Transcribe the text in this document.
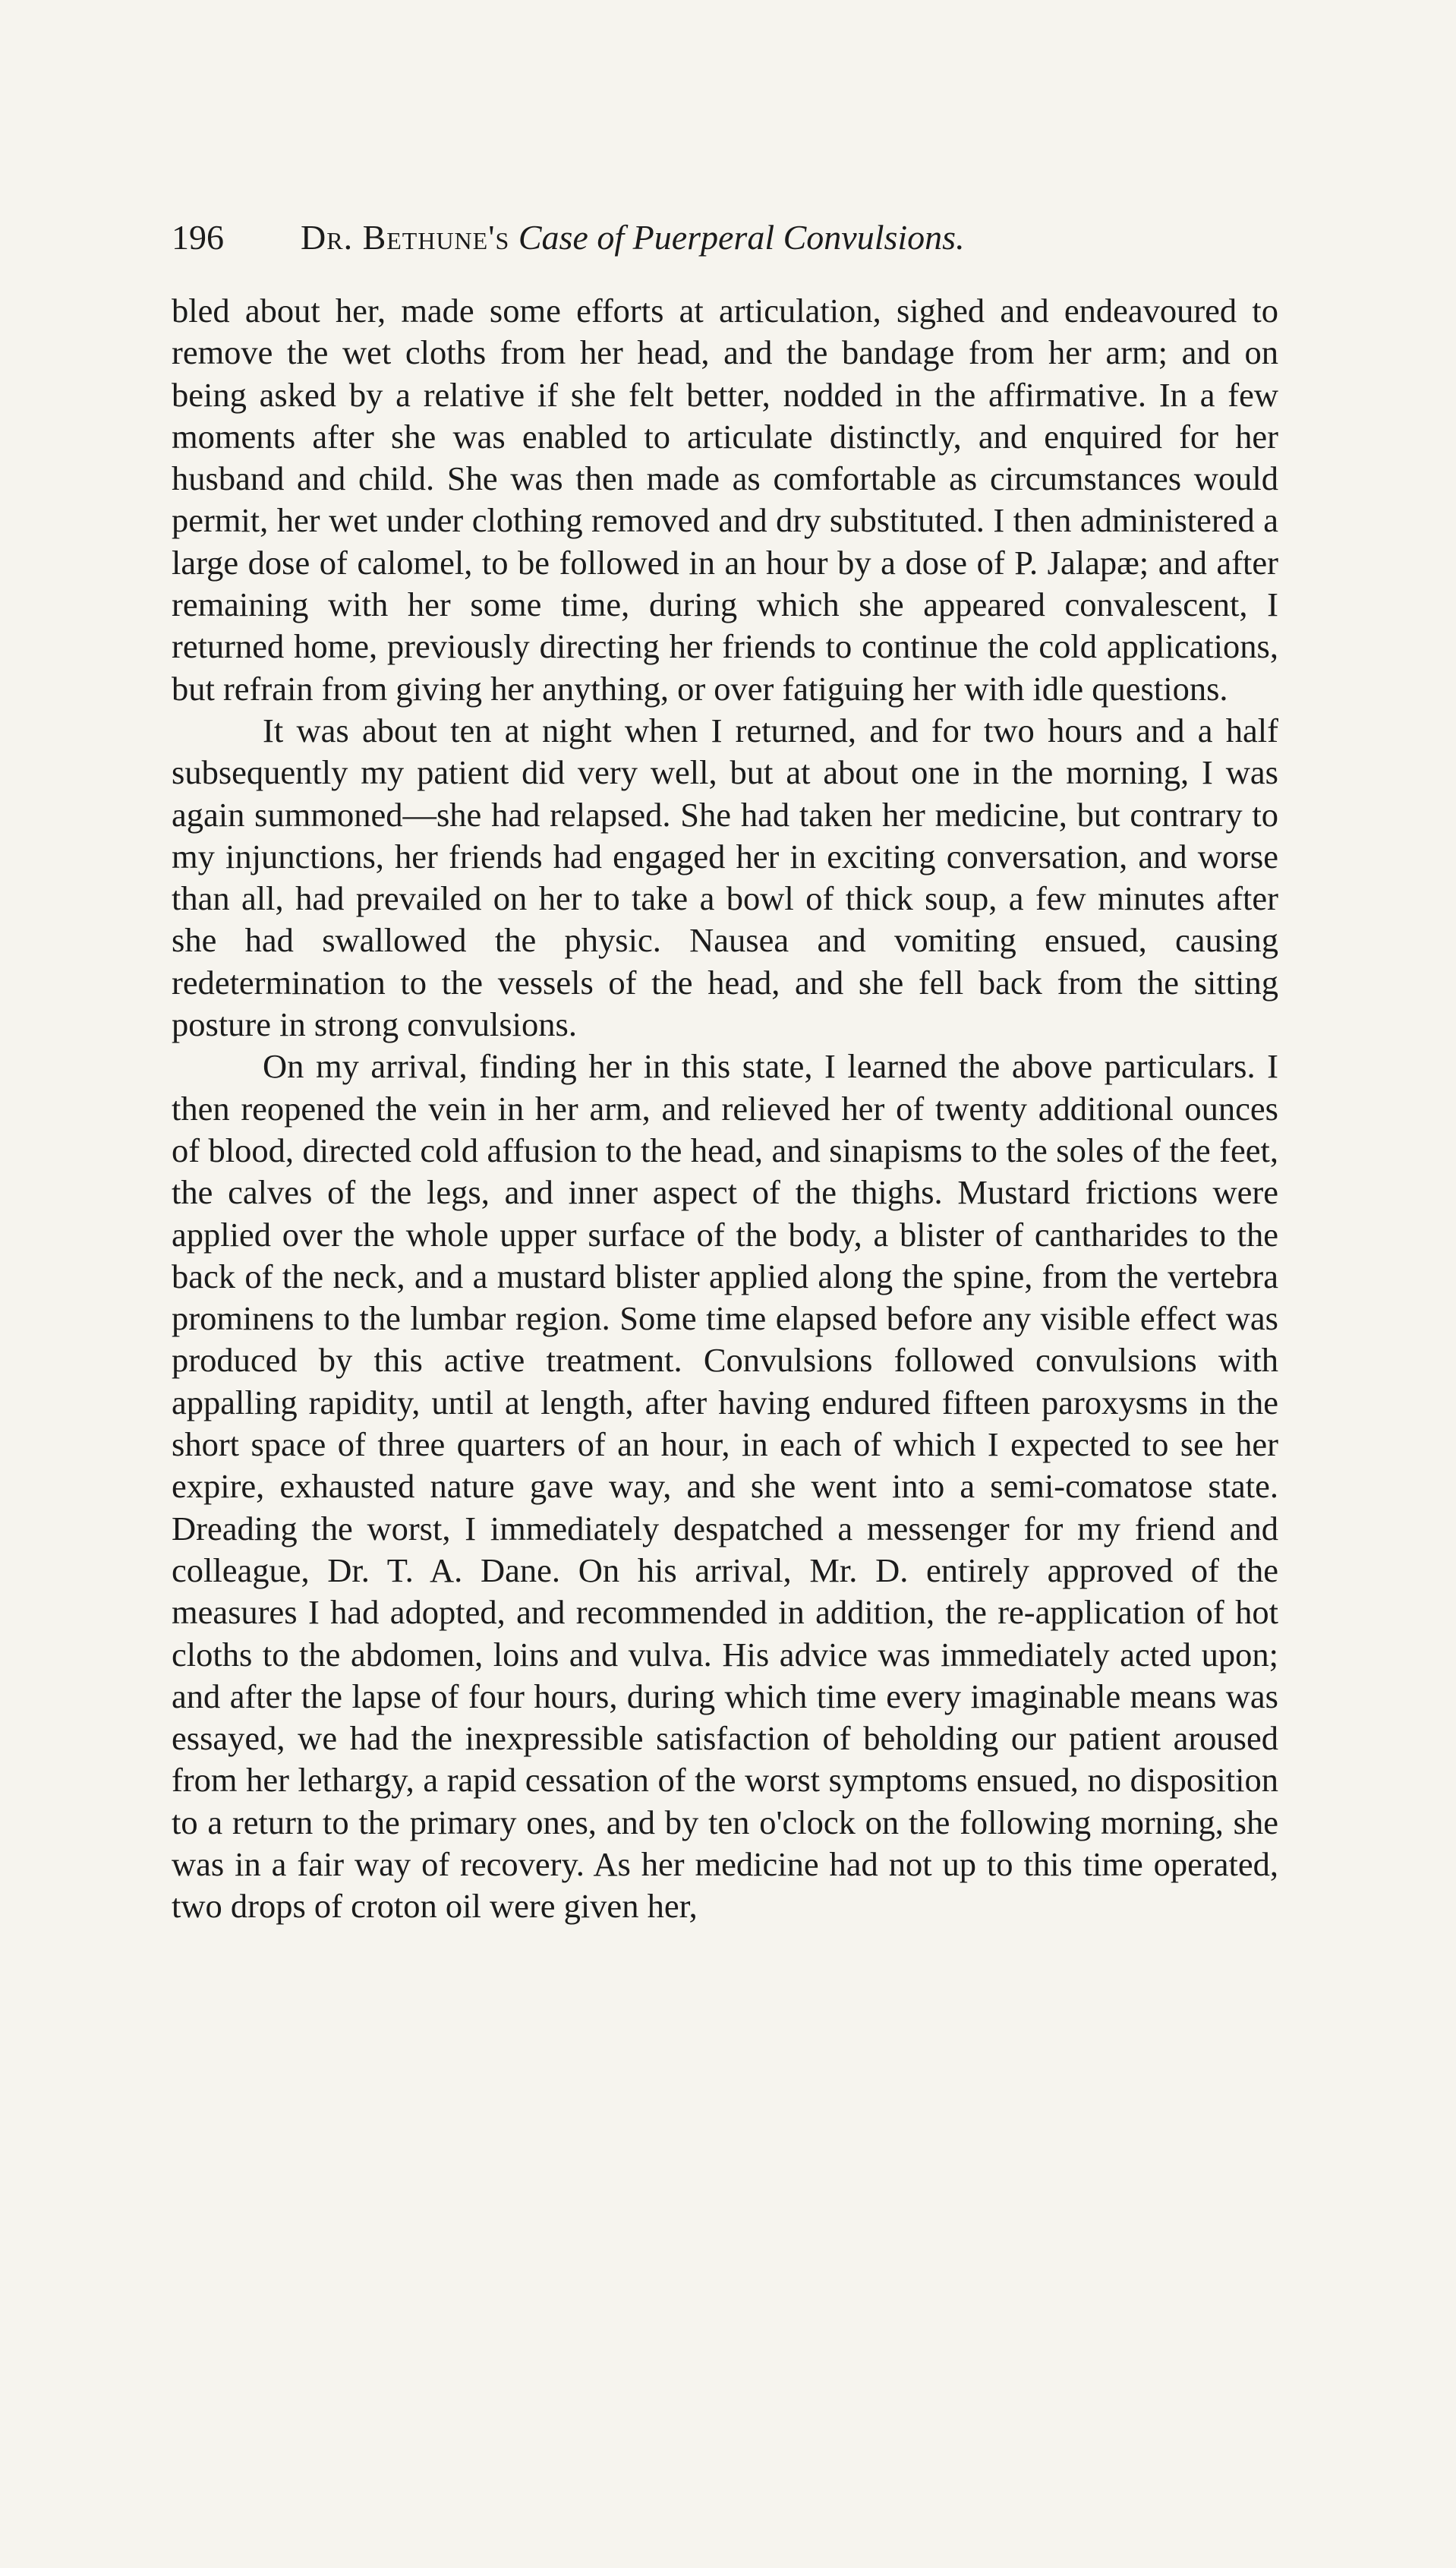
196	Dr. Bethune's Case of Puerperal Convulsions.

bled about her, made some efforts at articulation, sighed and endeavoured to remove the wet cloths from her head, and the bandage from her arm; and on being asked by a relative if she felt better, nodded in the affirmative. In a few moments after she was enabled to articulate distinctly, and enquired for her husband and child. She was then made as comfortable as circumstances would permit, her wet under clothing removed and dry substituted. I then administered a large dose of calomel, to be followed in an hour by a dose of P. Jalapæ; and after remaining with her some time, during which she appeared convalescent, I returned home, previously directing her friends to continue the cold applications, but refrain from giving her anything, or over fatiguing her with idle questions.

It was about ten at night when I returned, and for two hours and a half subsequently my patient did very well, but at about one in the morning, I was again summoned—she had relapsed. She had taken her medicine, but contrary to my injunctions, her friends had engaged her in exciting conversation, and worse than all, had prevailed on her to take a bowl of thick soup, a few minutes after she had swallowed the physic. Nausea and vomiting ensued, causing redetermination to the vessels of the head, and she fell back from the sitting posture in strong convulsions.

On my arrival, finding her in this state, I learned the above particulars. I then reopened the vein in her arm, and relieved her of twenty additional ounces of blood, directed cold affusion to the head, and sinapisms to the soles of the feet, the calves of the legs, and inner aspect of the thighs. Mustard frictions were applied over the whole upper surface of the body, a blister of cantharides to the back of the neck, and a mustard blister applied along the spine, from the vertebra prominens to the lumbar region. Some time elapsed before any visible effect was produced by this active treatment. Convulsions followed convulsions with appalling rapidity, until at length, after having endured fifteen paroxysms in the short space of three quarters of an hour, in each of which I expected to see her expire, exhausted nature gave way, and she went into a semi-comatose state. Dreading the worst, I immediately despatched a messenger for my friend and colleague, Dr. T. A. Dane. On his arrival, Mr. D. entirely approved of the measures I had adopted, and recommended in addition, the re-application of hot cloths to the abdomen, loins and vulva. His advice was immediately acted upon; and after the lapse of four hours, during which time every imaginable means was essayed, we had the inexpressible satisfaction of beholding our patient aroused from her lethargy, a rapid cessation of the worst symptoms ensued, no disposition to a return to the primary ones, and by ten o'clock on the following morning, she was in a fair way of recovery. As her medicine had not up to this time operated, two drops of croton oil were given her,
